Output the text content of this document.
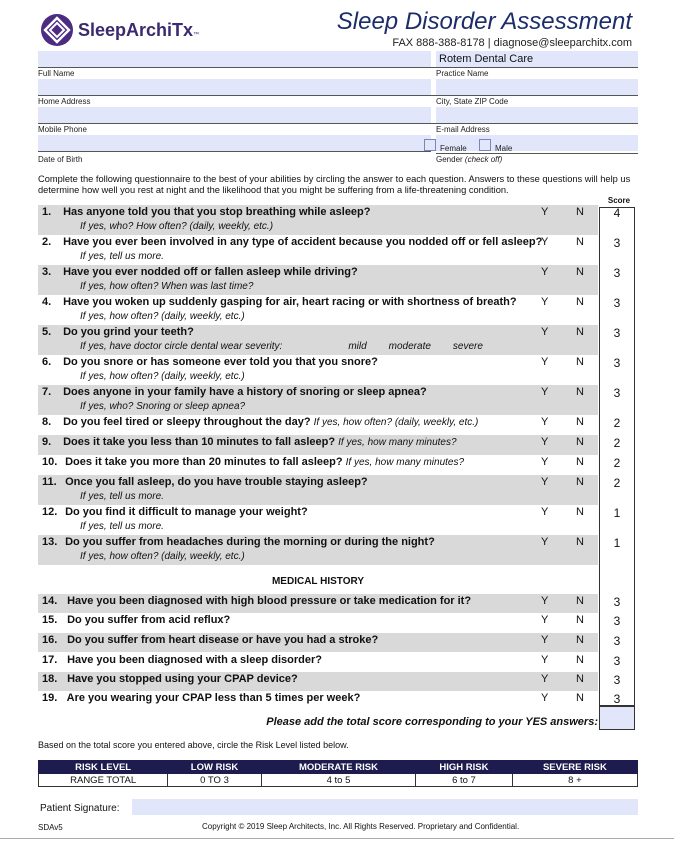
SleepArchiTx™	Sleep Disorder Assessment
FAX 888-388-8178 | diagnose@sleeparchitx.com
Rotem Dental Care
Full Name	Practice Name
Home Address	City, State ZIP Code
Mobile Phone	E-mail Address
Female	Male
Date of Birth	Gender (check off)
Complete the following questionnaire to the best of your abilities by circling the answer to each question. Answers to these questions will help us determine how well you rest at night and the likelihood that you might be suffering from a life-threatening condition.
Score
1. Has anyone told you that you stop breathing while asleep?
If yes, who? How often? (daily, weekly, etc.)
Y	N	4
2. Have you ever been involved in any type of accident because you nodded off or fell asleep?
If yes, tell us more.
Y	N	3
3. Have you ever nodded off or fallen asleep while driving?
If yes, how often? When was last time?
Y	N	3
4. Have you woken up suddenly gasping for air, heart racing or with shortness of breath?
If yes, how often? (daily, weekly, etc.)
Y	N	3
5. Do you grind your teeth?
If yes, have doctor circle dental wear severity:	mild moderate severe
Y	N	3
6. Do you snore or has someone ever told you that you snore?
If yes, how often? (daily, weekly, etc.)
Y	N	3
7. Does anyone in your family have a history of snoring or sleep apnea?
If yes, who? Snoring or sleep apnea?
Y	N	3
8. Do you feel tired or sleepy throughout the day? If yes, how often? (daily, weekly, etc.)	Y	N	2
9. Does it take you less than 10 minutes to fall asleep? If yes, how many minutes?	Y	N	2
10. Does it take you more than 20 minutes to fall asleep? If yes, how many minutes?	Y	N	2
11. Once you fall asleep, do you have trouble staying asleep?
If yes, tell us more.
Y	N	2
12. Do you find it difficult to manage your weight?
If yes, tell us more.
Y	N	1
13. Do you suffer from headaches during the morning or during the night?
If yes, how often? (daily, weekly, etc.)
Y	N	1
MEDICAL HISTORY
14. Have you been diagnosed with high blood pressure or take medication for it?	Y	N	3
15. Do you suffer from acid reflux?	Y	N	3
16. Do you suffer from heart disease or have you had a stroke?	Y	N	3
17. Have you been diagnosed with a sleep disorder?	Y	N	3
18. Have you stopped using your CPAP device?	Y	N	3
19. Are you wearing your CPAP less than 5 times per week?	Y	N	3
Please add the total score corresponding to your YES answers:
Based on the total score you entered above, circle the Risk Level listed below.
RISK LEVEL	LOW RISK	MODERATE RISK	HIGH RISK	SEVERE RISK
RANGE TOTAL	0 TO 3	4 to 5	6 to 7	8 +
Patient Signature:
SDAv5	Copyright © 2019 Sleep Architects, Inc. All Rights Reserved. Proprietary and Confidential.
